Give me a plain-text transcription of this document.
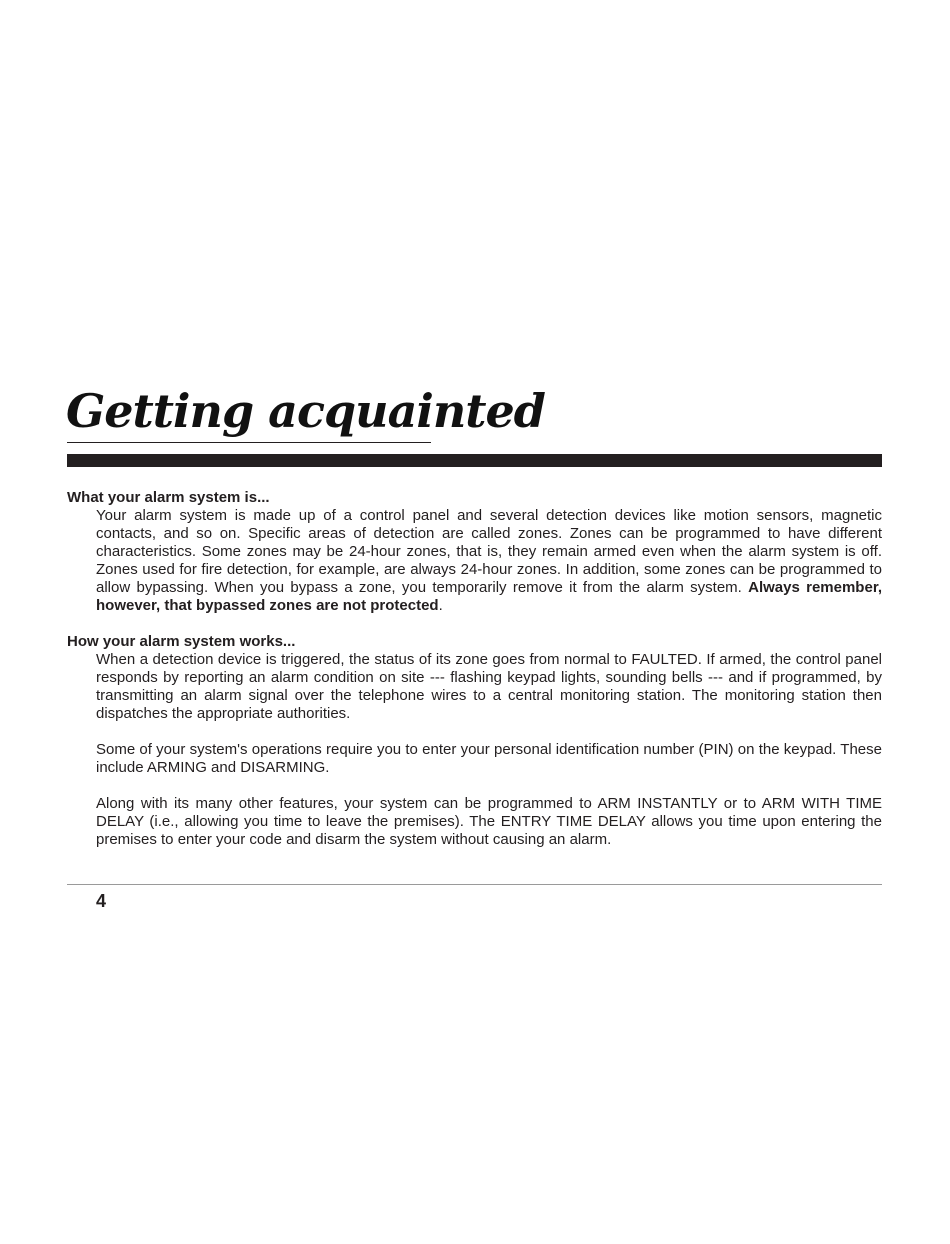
Getting acquainted

What your alarm system is...

Your alarm system is made up of a control panel and several detection devices like motion sensors, magnetic contacts, and so on. Specific areas of detection are called zones. Zones can be programmed to have different characteristics. Some zones may be 24-hour zones, that is, they remain armed even when the alarm system is off. Zones used for fire detection, for example, are always 24-hour zones. In addition, some zones can be programmed to allow bypassing. When you bypass a zone, you temporarily remove it from the alarm system. Always remember, however, that bypassed zones are not protected.

How your alarm system works...

When a detection device is triggered, the status of its zone goes from normal to FAULTED. If armed, the control panel responds by reporting an alarm condition on site --- flashing keypad lights, sounding bells --- and if programmed, by transmitting an alarm signal over the telephone wires to a central monitoring station. The monitoring station then dispatches the appropriate authorities.

Some of your system's operations require you to enter your personal identification number (PIN) on the keypad. These include ARMING and DISARMING.

Along with its many other features, your system can be programmed to ARM INSTANTLY or to ARM WITH TIME DELAY (i.e., allowing you time to leave the premises). The ENTRY TIME DELAY allows you time upon entering the premises to enter your code and disarm the system without causing an alarm.

4
